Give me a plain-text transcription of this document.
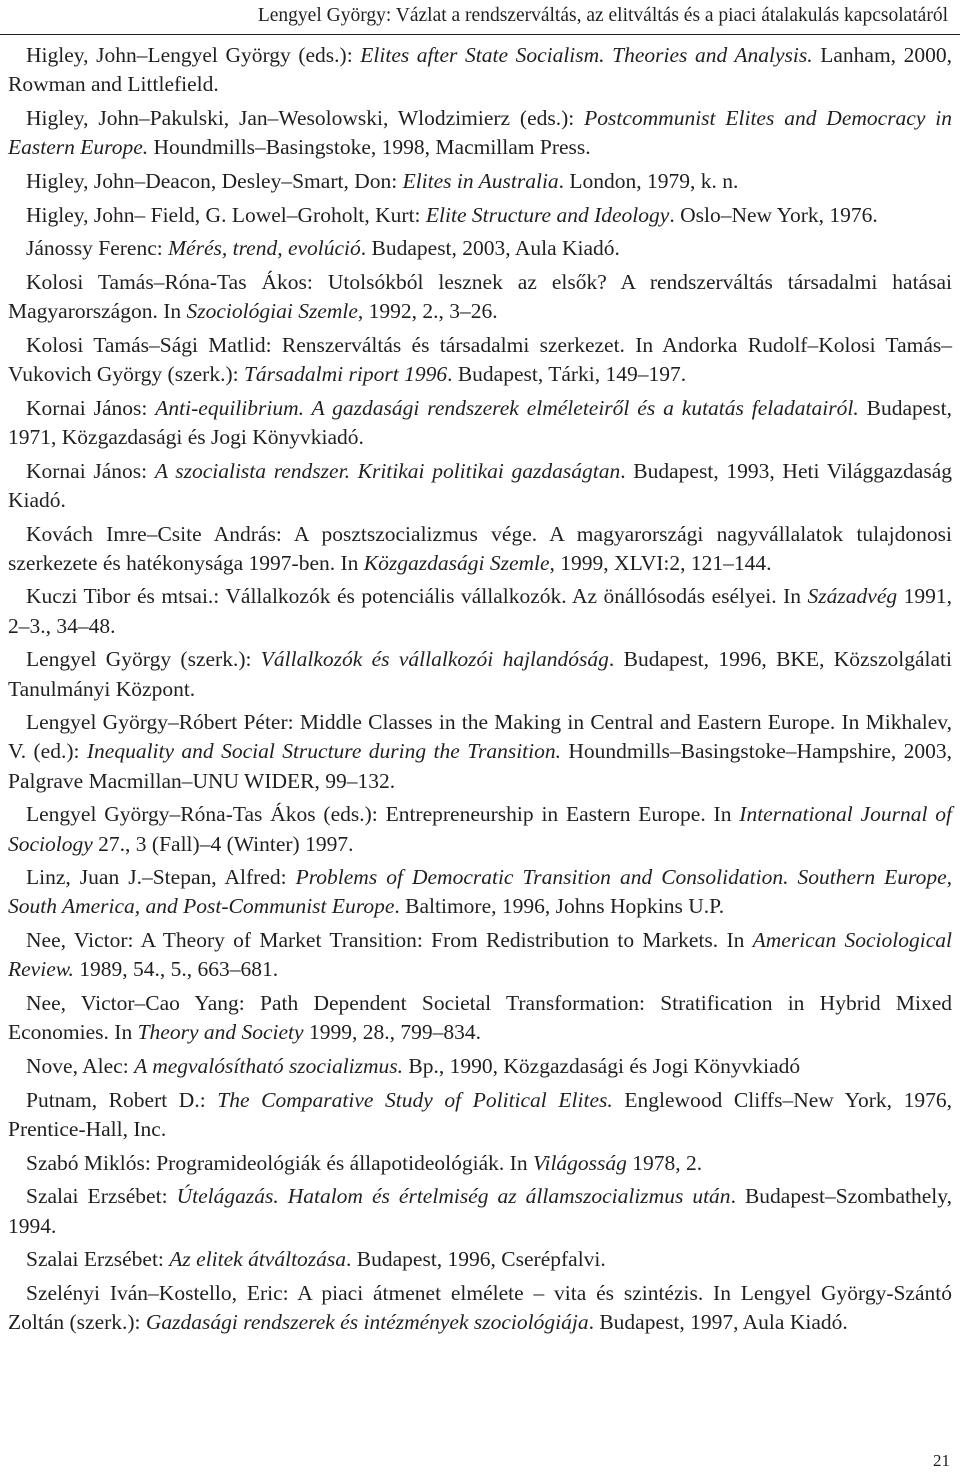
Lengyel György: Vázlat a rendszerváltás, az elitváltás és a piaci átalakulás kapcsolatáról

Higley, John–Lengyel György (eds.): Elites after State Socialism. Theories and Analysis. Lanham, 2000, Rowman and Littlefield.

Higley, John–Pakulski, Jan–Wesolowski, Wlodzimierz (eds.): Postcommunist Elites and Democracy in Eastern Europe. Houndmills–Basingstoke, 1998, Macmillam Press.

Higley, John–Deacon, Desley–Smart, Don: Elites in Australia. London, 1979, k. n.

Higley, John– Field, G. Lowel–Groholt, Kurt: Elite Structure and Ideology. Oslo–New York, 1976.

Jánossy Ferenc: Mérés, trend, evolúció. Budapest, 2003, Aula Kiadó.

Kolosi Tamás–Róna-Tas Ákos: Utolsókból lesznek az elsők? A rendszerváltás társadalmi hatásai Magyarországon. In Szociológiai Szemle, 1992, 2., 3–26.

Kolosi Tamás–Sági Matlid: Renszerváltás és társadalmi szerkezet. In Andorka Rudolf–Kolosi Tamás–Vukovich György (szerk.): Társadalmi riport 1996. Budapest, Tárki, 149–197.

Kornai János: Anti-equilibrium. A gazdasági rendszerek elméleteiről és a kutatás feladatairól. Budapest, 1971, Közgazdasági és Jogi Könyvkiadó.

Kornai János: A szocialista rendszer. Kritikai politikai gazdaságtan. Budapest, 1993, Heti Világgazdaság Kiadó.

Kovách Imre–Csite András: A posztszocializmus vége. A magyarországi nagyvállalatok tulajdonosi szerkezete és hatékonysága 1997-ben. In Közgazdasági Szemle, 1999, XLVI:2, 121–144.

Kuczi Tibor és mtsai.: Vállalkozók és potenciális vállalkozók. Az önállósodás esélyei. In Századvég 1991, 2–3., 34–48.

Lengyel György (szerk.): Vállalkozók és vállalkozói hajlandóság. Budapest, 1996, BKE, Közszolgálati Tanulmányi Központ.

Lengyel György–Róbert Péter: Middle Classes in the Making in Central and Eastern Europe. In Mikhalev, V. (ed.): Inequality and Social Structure during the Transition. Houndmills–Basingstoke–Hampshire, 2003, Palgrave Macmillan–UNU WIDER, 99–132.

Lengyel György–Róna-Tas Ákos (eds.): Entrepreneurship in Eastern Europe. In International Journal of Sociology 27., 3 (Fall)–4 (Winter) 1997.

Linz, Juan J.–Stepan, Alfred: Problems of Democratic Transition and Consolidation. Southern Europe, South America, and Post-Communist Europe. Baltimore, 1996, Johns Hopkins U.P.

Nee, Victor: A Theory of Market Transition: From Redistribution to Markets. In American Sociological Review. 1989, 54., 5., 663–681.

Nee, Victor–Cao Yang: Path Dependent Societal Transformation: Stratification in Hybrid Mixed Economies. In Theory and Society 1999, 28., 799–834.

Nove, Alec: A megvalósítható szocializmus. Bp., 1990, Közgazdasági és Jogi Könyvkiadó

Putnam, Robert D.: The Comparative Study of Political Elites. Englewood Cliffs–New York, 1976, Prentice-Hall, Inc.

Szabó Miklós: Programideológiák és állapotideológiák. In Világosság 1978, 2.

Szalai Erzsébet: Útelágazás. Hatalom és értelmiség az államszocializmus után. Budapest–Szombathely, 1994.

Szalai Erzsébet: Az elitek átváltozása. Budapest, 1996, Cserépfalvi.

Szelényi Iván–Kostello, Eric: A piaci átmenet elmélete – vita és szintézis. In Lengyel György-Szántó Zoltán (szerk.): Gazdasági rendszerek és intézmények szociológiája. Budapest, 1997, Aula Kiadó.

21
